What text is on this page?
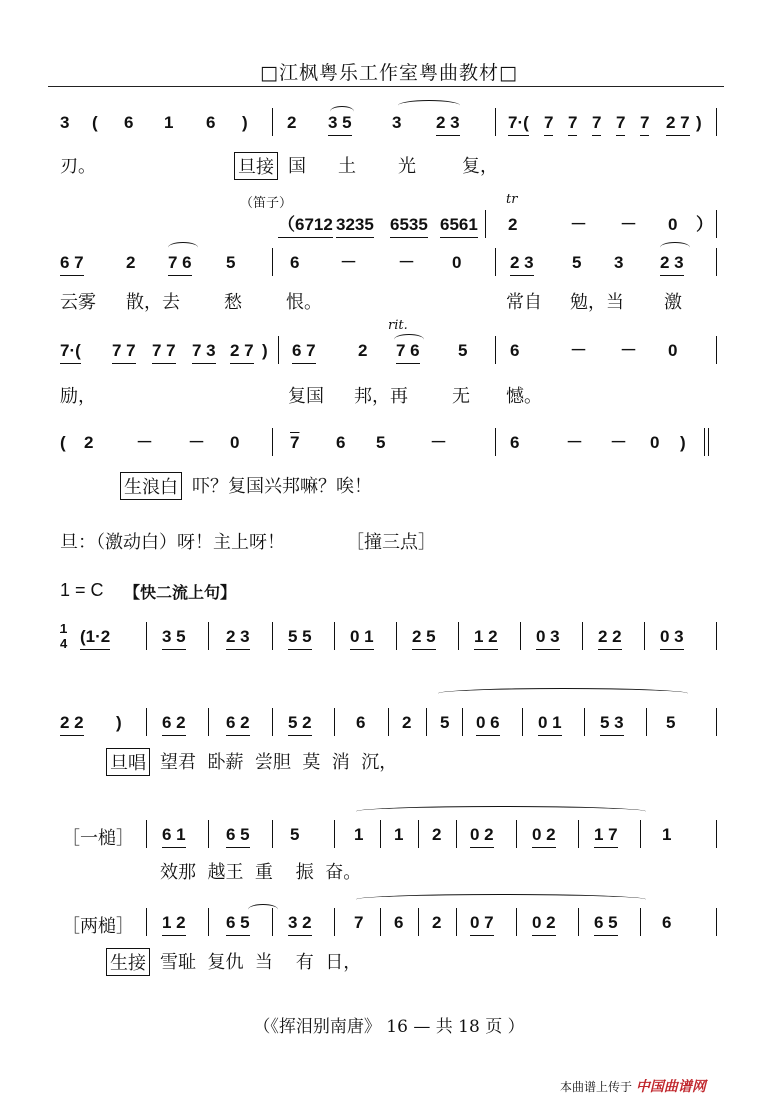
□江枫粤乐工作室粤曲教材□
3 ( 6 1 6 ) 2 3 5 3 2 3	7·( 7 7 7 7 7 2 7 )
刃。	旦接 国 土 光	复，
（笛子）
（6712 3235 6535 6561 2	－ － 0 ）
tr
6 7 2 7 6 5	6 － － 0	2 3 5 3 2 3
云雾 散，去 愁 恨。	常自 勉，当 激
rit.
7·( 7 7 7 7 7 3 2 7 ) 6 7 2 7 6 5	6	－ － 0
励，	复国 邦，再 无 憾。
( 2	－ － 0	7 6 5	－	6	－ － 0 )
生浪白 吓？复国兴邦嘛？唉！
旦：（激动白）呀！主上呀！	［撞三点］
1 = C 【快二流上句】
1
4 (1·2	3 5 2 3 5 5 0 1 2 5 1 2 0 3 2 2 0 3
2 2 ) 6 2 6 2 5 2	6 2 5 0 6 0 1 5 3 5
旦唱 望君  卧薪  尝胆  莫  消  沉，
［一槌］ 6 1 6 5 5	1 1 2 0 2 0 2 1 7	1
效那  越王  重    振  奋。
［两槌］ 1 2 6 5 3 2 7 6 2 0 7 0 2 6 5	6
生接 雪耻  复仇  当    有  日，
（《挥泪别南唐》 16 — 共 18 页 ）
本曲谱上传于 中国曲谱网
